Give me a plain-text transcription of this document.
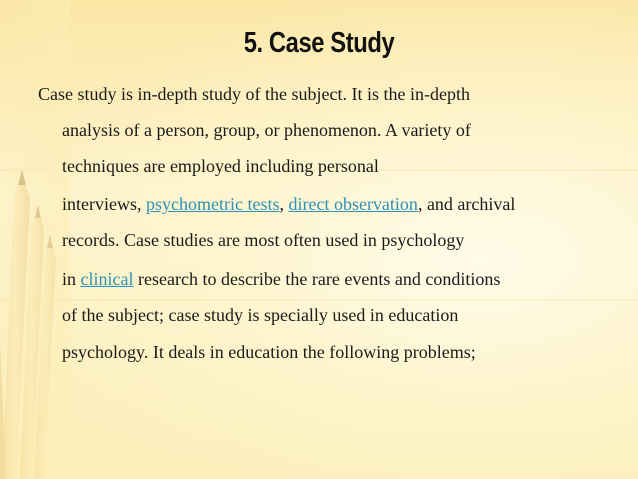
5. Case Study
Case study is in-depth study of the subject. It is the in-depth
analysis of a person, group, or phenomenon. A variety of
techniques are employed including personal
interviews, psychometric tests, direct observation, and archival
records. Case studies are most often used in psychology
in clinical research to describe the rare events and conditions
of the subject; case study is specially used in education
psychology. It deals in education the following problems;
